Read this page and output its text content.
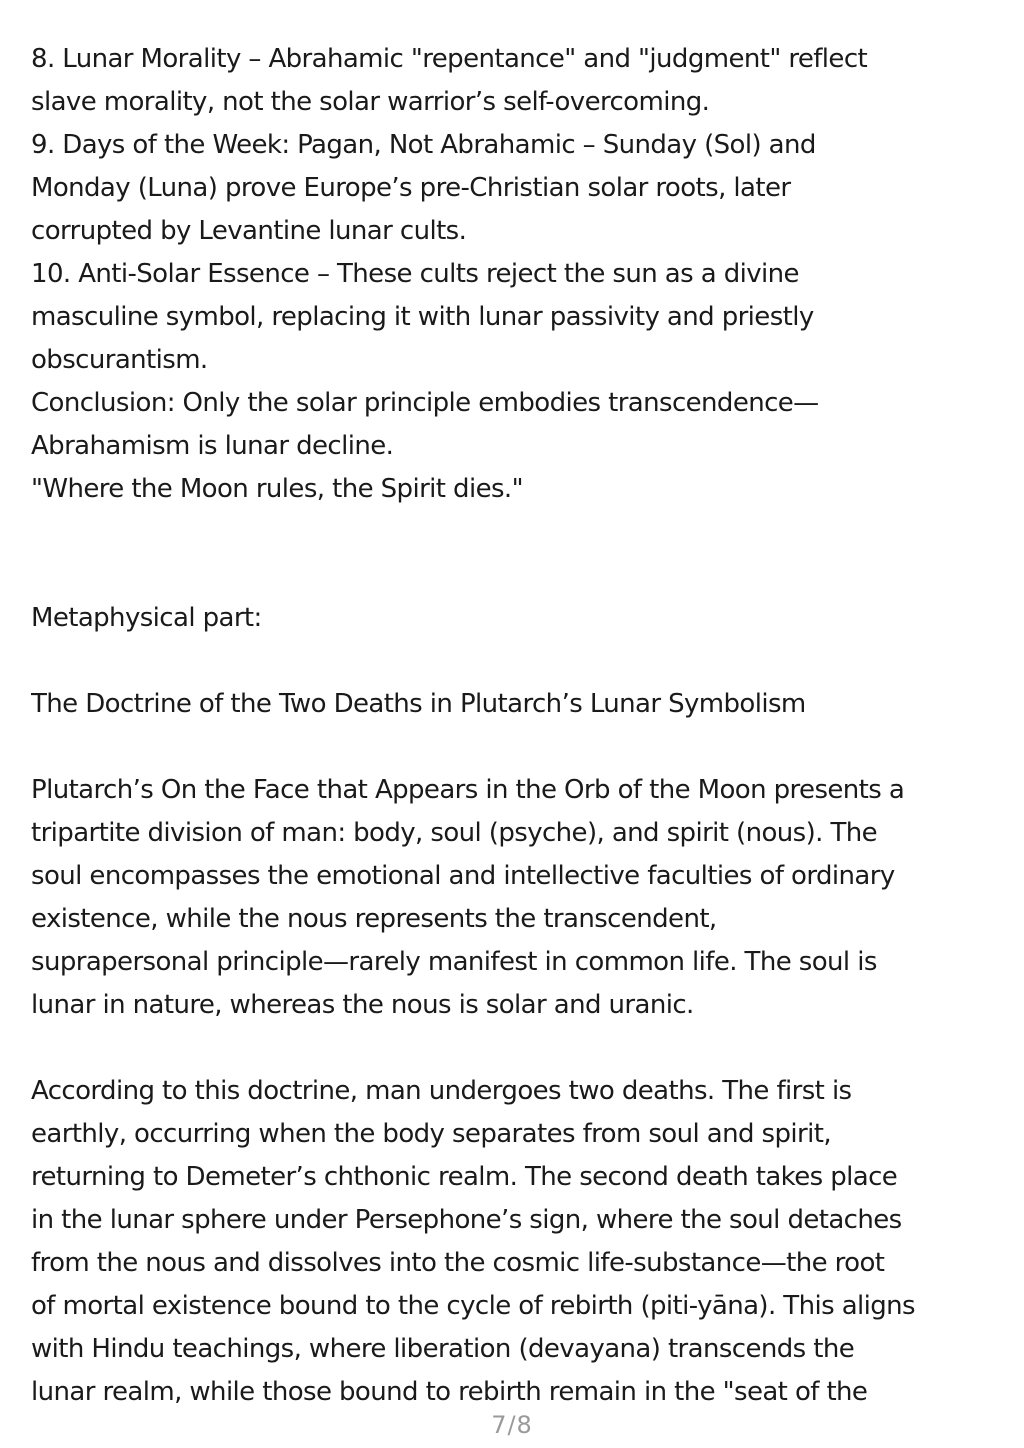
8. Lunar Morality – Abrahamic "repentance" and "judgment" reflect
slave morality, not the solar warrior’s self-overcoming.
9. Days of the Week: Pagan, Not Abrahamic – Sunday (Sol) and
Monday (Luna) prove Europe’s pre-Christian solar roots, later
corrupted by Levantine lunar cults.
10. Anti-Solar Essence – These cults reject the sun as a divine
masculine symbol, replacing it with lunar passivity and priestly
obscurantism.
Conclusion: Only the solar principle embodies transcendence—
Abrahamism is lunar decline.
"Where the Moon rules, the Spirit dies."
Metaphysical part:
The Doctrine of the Two Deaths in Plutarch’s Lunar Symbolism
Plutarch’s On the Face that Appears in the Orb of the Moon presents a
tripartite division of man: body, soul (psyche), and spirit (nous). The
soul encompasses the emotional and intellective faculties of ordinary
existence, while the nous represents the transcendent,
suprapersonal principle—rarely manifest in common life. The soul is
lunar in nature, whereas the nous is solar and uranic.
According to this doctrine, man undergoes two deaths. The first is
earthly, occurring when the body separates from soul and spirit,
returning to Demeter’s chthonic realm. The second death takes place
in the lunar sphere under Persephone’s sign, where the soul detaches
from the nous and dissolves into the cosmic life-substance—the root
of mortal existence bound to the cycle of rebirth (piti-yāna). This aligns
with Hindu teachings, where liberation (devayana) transcends the
lunar realm, while those bound to rebirth remain in the "seat of the
7/8
